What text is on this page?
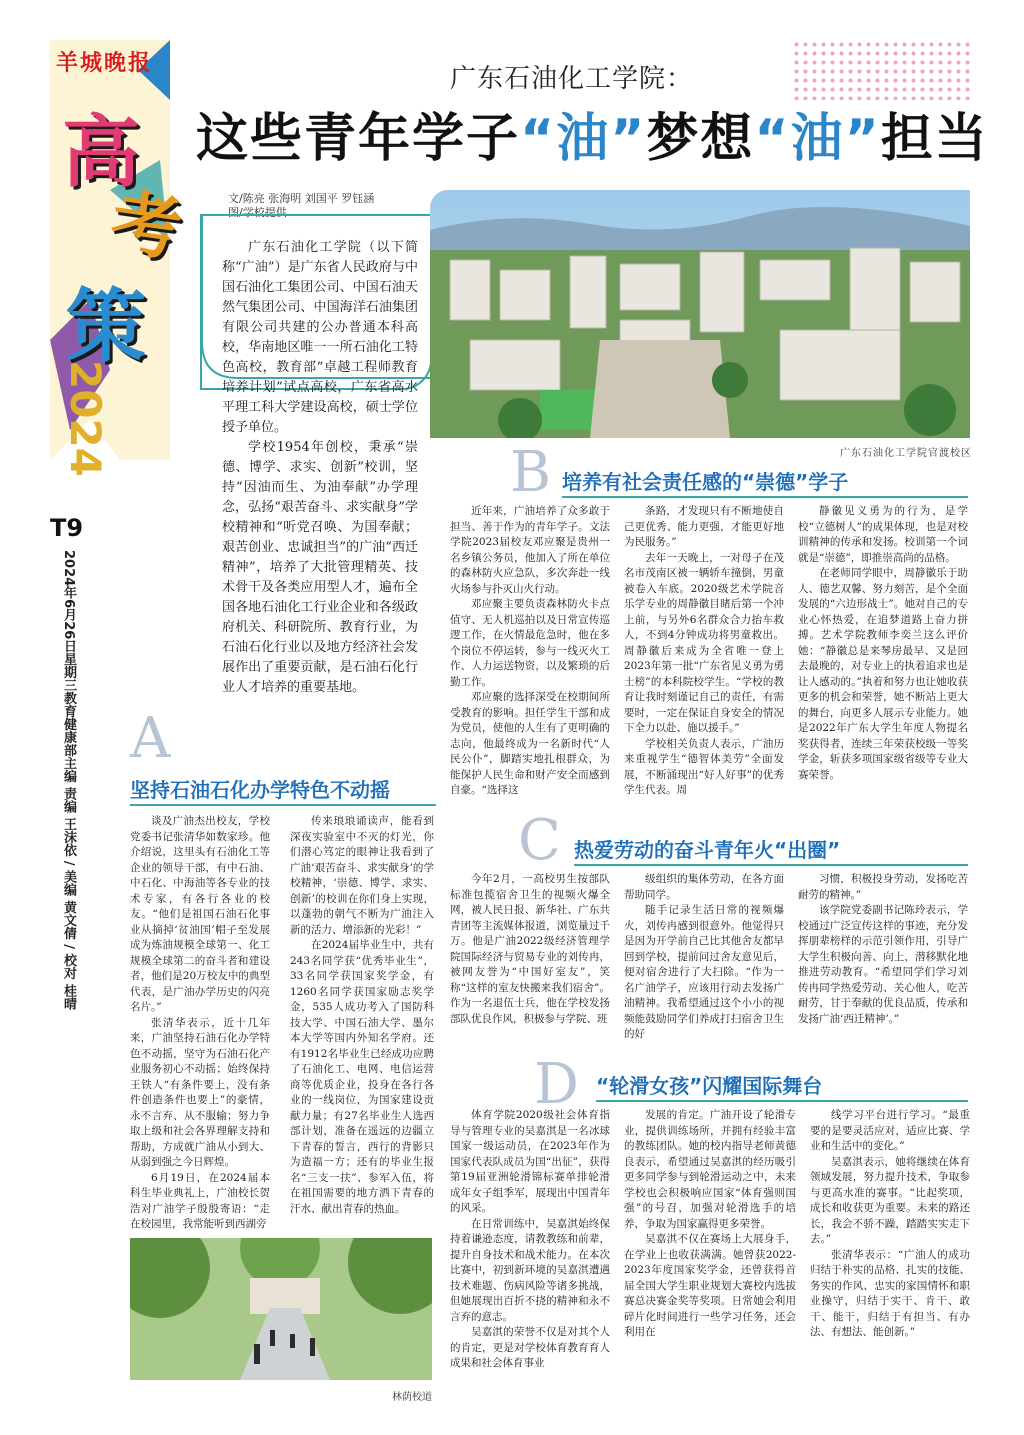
羊城晚报
高
考
策
2024
T9
2024年6月26日星期三教育健康部主编 责编 王沫依 / 美编 黄文倩 / 校对 桂晴
广东石油化工学院：
这些青年学子“油”梦想“油”担当
文/陈亮 张海明 刘国平 罗钰涵
图/学校提供

广东石油化工学院（以下简称“广油”）是广东省人民政府与中国石油化工集团公司、中国石油天然气集团公司、中国海洋石油集团有限公司共建的公办普通本科高校，华南地区唯一一所石油化工特色高校，教育部“卓越工程师教育培养计划”试点高校，广东省高水平理工科大学建设高校，硕士学位授予单位。

学校1954年创校，秉承“崇德、博学、求实、创新”校训，坚持“因油而生、为油奉献”办学理念，弘扬“艰苦奋斗、求实献身”学校精神和“听党召唤、为国奉献；艰苦创业、忠诚担当”的广油“西迁精神”，培养了大批管理精英、技术骨干及各类应用型人才，遍布全国各地石油化工行业企业和各级政府机关、科研院所、教育行业，为石油石化行业以及地方经济社会发展作出了重要贡献，是石油石化行业人才培养的重要基地。

广东石油化工学院官渡校区
A
坚持石油石化办学特色不动摇

谈及广油杰出校友，学校党委书记张清华如数家珍。他介绍说，这里头有石油化工等企业的领导干部，有中石油、中石化、中海油等各专业的技术专家，有各行各业的校友。“他们是祖国石油石化事业从摘掉‘贫油国’帽子至发展成为炼油规模全球第一、化工规模全球第二的奋斗者和建设者，他们是20万校友中的典型代表，是广油办学历史的闪亮名片。”

张清华表示，近十几年来，广油坚持石油石化办学特色不动摇，坚守为石油石化产业服务初心不动摇；始终保持王铁人“有条件要上，没有条件创造条件也要上”的豪情，永不言弃、从不服输；努力争取上级和社会各界理解支持和帮助，方成就广油从小到大、从弱到强之今日辉煌。

6月19日，在2024届本科生毕业典礼上，广油校长贺浩对广油学子殷殷寄语：“走在校园里，我常能听到西湖旁

传来琅琅诵读声，能看到深夜实验室中不灭的灯光，你们潜心笃定的眼神让我看到了广油‘艰苦奋斗、求实献身’的学校精神，‘崇德、博学、求实、创新’的校训在你们身上实现，以蓬勃的朝气不断为广油注入新的活力、增添新的光彩！”

在2024届毕业生中，共有243名同学获“优秀毕业生”，33名同学获国家奖学金，有1260名同学获国家励志奖学金，535人成功考入了国防科技大学、中国石油大学、墨尔本大学等国内外知名学府。还有1912名毕业生已经成功应聘了石油化工、电网、电信运营商等优质企业，投身在各行各业的一线岗位，为国家建设贡献力量；有27名毕业生人选西部计划，准备在遥远的边疆立下青春的誓言，西行的背影只为造福一方；还有的毕业生报名“三支一扶”、参军入伍，将在祖国需要的地方洒下青春的汗水、献出青春的热血。

林荫校道
B 培养有社会责任感的“崇德”学子

近年来，广油培养了众多敢于担当、善于作为的青年学子。文法学院2023届校友邓应聚是贵州一名乡镇公务员，他加入了所在单位的森林防火应急队，多次奔赴一线火场参与扑灭山火行动。

邓应聚主要负责森林防火卡点值守、无人机巡拍以及日常宣传巡逻工作，在火情最危急时，他在多个岗位不停运转，参与一线灭火工作、人力运送物资，以及繁琐的后勤工作。

邓应聚的选择深受在校期间所受教育的影响。担任学生干部和成为党员，使他的人生有了更明确的志向，他最终成为一名新时代“人民公仆”，脚踏实地扎根群众，为能保护人民生命和财产安全而感到自豪。“选择这

条路，才发现只有不断地使自己更优秀、能力更强，才能更好地为民服务。”

去年一天晚上，一对母子在茂名市茂南区被一辆轿车撞倒，男童被卷入车底。2020级艺术学院音乐学专业的周静徽目睹后第一个冲上前，与另外6名群众合力抬车救人，不到4分钟成功将男童救出。周静徽后来成为全省唯一登上2023年第一批“广东省见义勇为勇士榜”的本科院校学生。“学校的教育让我时刻谨记自己的责任，有需要时，一定在保证自身安全的情况下全力以赴、施以援手。”

学校相关负责人表示，广油历来重视学生“德智体美劳”全面发展，不断涌现出“好人好事”的优秀学生代表。周

静徽见义勇为的行为，是学校“立德树人”的成果体现，也是对校训精神的传承和发扬。校训第一个词就是“崇德”，即推崇高尚的品格。

在老师同学眼中，周静徽乐于助人、德艺双馨、努力刻苦，是个全面发展的“六边形战士”。她对自己的专业心怀热爱，在追梦道路上奋力拼搏。艺术学院教师李奕兰这么评价她：“静徽总是来琴房最早、又是回去最晚的，对专业上的执着追求也是让人感动的。”执着和努力也让她收获更多的机会和荣誉，她不断站上更大的舞台，向更多人展示专业能力。她是2022年广东大学生年度人物提名奖获得者，连续三年荣获校级一等奖学金，斩获多项国家级省级等专业大赛荣誉。

C 热爱劳动的奋斗青年火“出圈”

今年2月，一高校男生按部队标准包揽宿舍卫生的视频火爆全网，被人民日报、新华社、广东共青团等主流媒体报道，浏览量过千万。他是广油2022级经济管理学院国际经济与贸易专业的刘传冉，被网友誉为“中国好室友”，笑称“这样的室友快搬来我们宿舍”。作为一名退伍士兵，他在学校发扬部队优良作风，积极参与学院、班

级组织的集体劳动，在各方面帮助同学。

随手记录生活日常的视频爆火，刘传冉感到很意外。他觉得只是因为开学前自己比其他舍友都早回到学校，提前问过舍友意见后，便对宿舍进行了大扫除。“作为一名广油学子，应该用行动去发扬广油精神。我希望通过这个小小的视频能鼓励同学们养成打扫宿舍卫生的好

习惯，积极投身劳动，发扬吃苦耐劳的精神。”

该学院党委副书记陈玲表示，学校通过广泛宣传这样的事迹，充分发挥朋辈榜样的示范引领作用，引导广大学生积极向善、向上，潜移默化地推进劳动教育。“希望同学们学习刘传冉同学热爱劳动、关心他人，吃苦耐劳，甘于奉献的优良品质，传承和发扬广油‘西迁精神’。”

D “轮滑女孩”闪耀国际舞台

体育学院2020级社会体育指导与管理专业的吴嘉淇是一名冰球国家一级运动员，在2023年作为国家代表队成员为国“出征”，获得第19届亚洲轮滑锦标赛单排轮滑成年女子组季军，展现出中国青年的风采。

在日常训练中，吴嘉淇始终保持着谦逊态度，请教教练和前辈，提升自身技术和战术能力。在本次比赛中，初到新环境的吴嘉淇遭遇技术难题、伤病风险等诸多挑战，但她展现出百折不挠的精神和永不言弃的意志。

吴嘉淇的荣誉不仅是对其个人的肯定，更是对学校体育教育育人成果和社会体育事业

发展的肯定。广油开设了轮滑专业，提供训练场所，并拥有经验丰富的教练团队。她的校内指导老师黄德良表示，希望通过吴嘉淇的经历吸引更多同学参与到轮滑运动之中，未来学校也会积极响应国家“体育强则国强”的号召，加强对轮滑选手的培养，争取为国家赢得更多荣誉。

吴嘉淇不仅在赛场上大展身手，在学业上也收获满满。她曾获2022-2023年度国家奖学金，还曾获得首届全国大学生职业规划大赛校内选拔赛总决赛金奖等奖项。日常她会利用碎片化时间进行一些学习任务，还会利用在

线学习平台进行学习。“最重要的是要灵活应对，适应比赛、学业和生活中的变化。”

吴嘉淇表示，她将继续在体育领域发展，努力提升技术，争取参与更高水准的赛事。“比起奖项，成长和收获更为重要。未来的路还长，我会不骄不躁，踏踏实实走下去。”

张清华表示：“广油人的成功归结于朴实的品格、扎实的技能、务实的作风、忠实的家国情怀和职业操守，归结于实干、肯干、敢干、能干，归结于有担当、有办法、有想法、能创新。”
